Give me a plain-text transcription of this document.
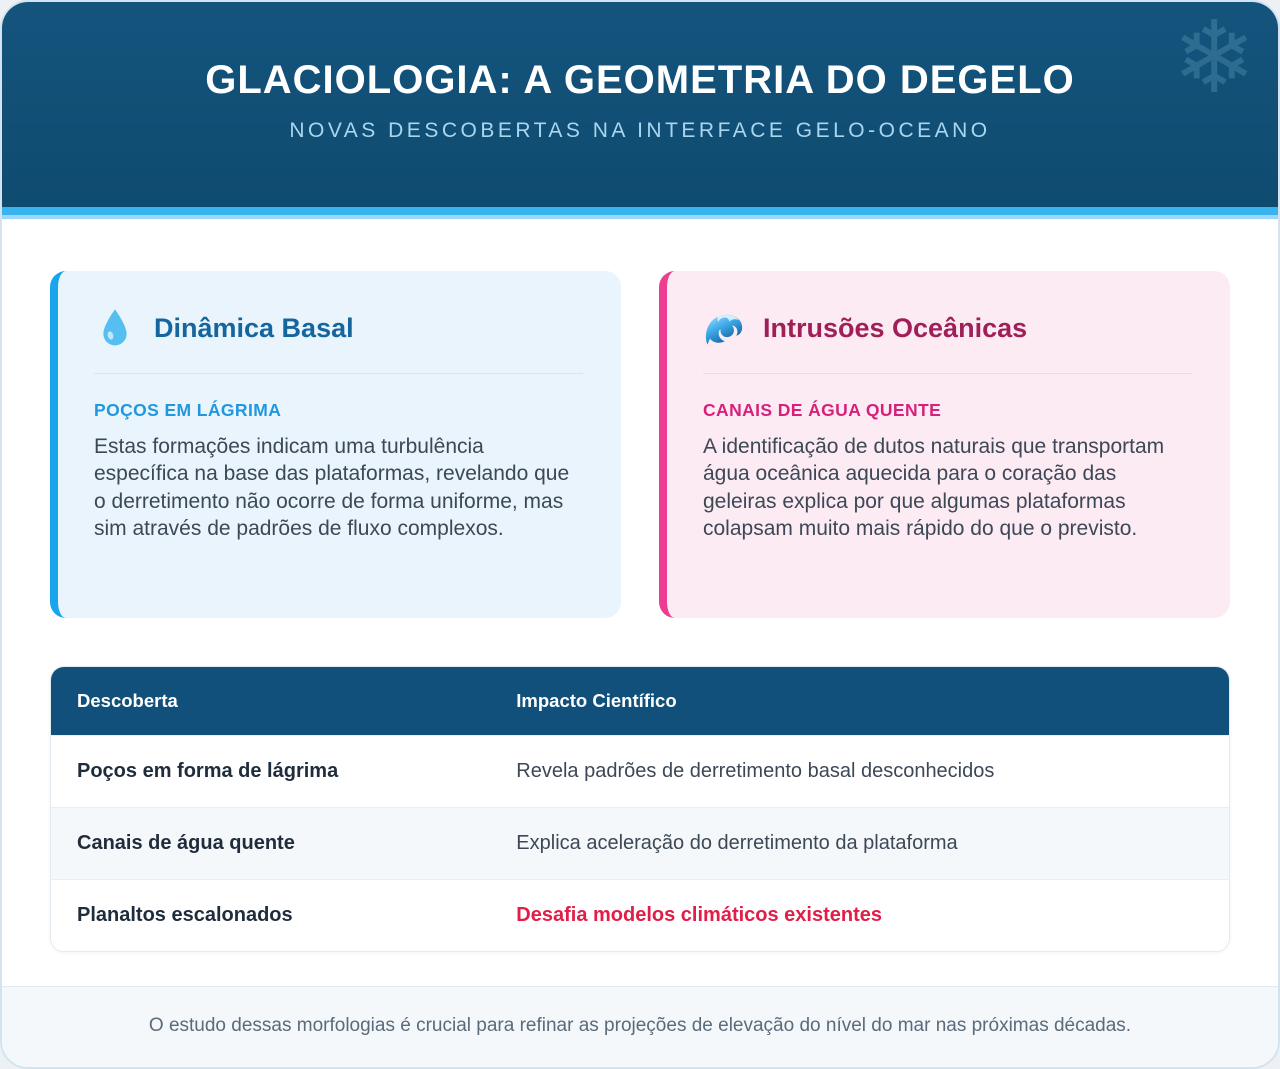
❄
GLACIOLOGIA: A GEOMETRIA DO DEGELO

NOVAS DESCOBERTAS NA INTERFACE GELO-OCEANO

Dinâmica Basal
POÇOS EM LÁGRIMA

Estas formações indicam uma turbulência específica na base das plataformas, revelando que o derretimento não ocorre de forma uniforme, mas sim através de padrões de fluxo complexos.

Intrusões Oceânicas
CANAIS DE ÁGUA QUENTE

A identificação de dutos naturais que transportam água oceânica aquecida para o coração das geleiras explica por que algumas plataformas colapsam muito mais rápido do que o previsto.

Descoberta	Impacto Científico
Poços em forma de lágrima	Revela padrões de derretimento basal desconhecidos
Canais de água quente	Explica aceleração do derretimento da plataforma
Planaltos escalonados	Desafia modelos climáticos existentes

O estudo dessas morfologias é crucial para refinar as projeções de elevação do nível do mar nas próximas décadas.
